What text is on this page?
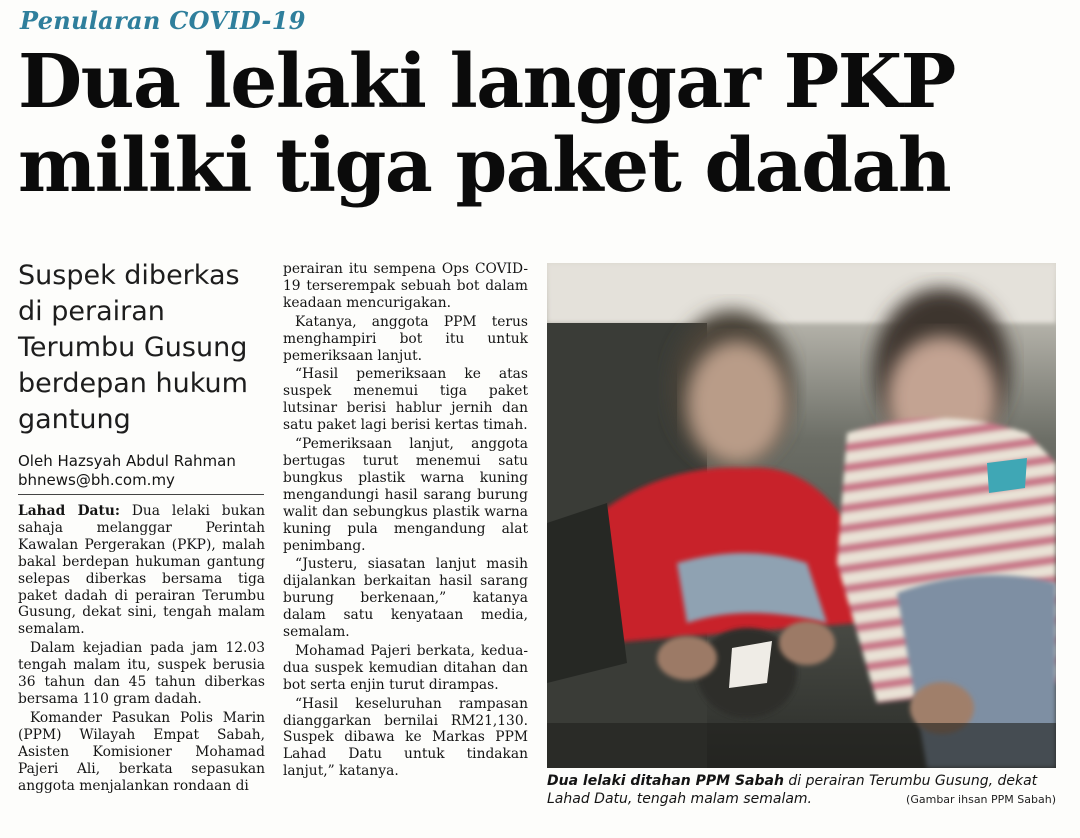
Penularan COVID-19
Dua lelaki langgar PKP
miliki tiga paket dadah

Suspek diberkas di perairan Terumbu Gusung berdepan hukum gantung

Oleh Hazsyah Abdul Rahman
bhnews@bh.com.my

Lahad Datu: Dua lelaki bukan sahaja melanggar Perintah Kawalan Pergerakan (PKP), malah bakal berdepan hukuman gantung selepas diberkas bersama tiga paket dadah di perairan Terumbu Gusung, dekat sini, tengah malam semalam.

Dalam kejadian pada jam 12.03 tengah malam itu, suspek berusia 36 tahun dan 45 tahun diberkas bersama 110 gram dadah.

Komander Pasukan Polis Marin (PPM) Wilayah Empat Sabah, Asisten Komisioner Mohamad Pajeri Ali, berkata sepasukan anggota menjalankan rondaan di

perairan itu sempena Ops COVID-19 terserempak sebuah bot dalam keadaan mencurigakan.

Katanya, anggota PPM terus menghampiri bot itu untuk pemeriksaan lanjut.

“Hasil pemeriksaan ke atas suspek menemui tiga paket lutsinar berisi hablur jernih dan satu paket lagi berisi kertas timah.

“Pemeriksaan lanjut, anggota bertugas turut menemui satu bungkus plastik warna kuning mengandungi hasil sarang burung walit dan sebungkus plastik warna kuning pula mengandung alat penimbang.

“Justeru, siasatan lanjut masih dijalankan berkaitan hasil sarang burung berkenaan,” katanya dalam satu kenyataan media, semalam.

Mohamad Pajeri berkata, kedua-dua suspek kemudian ditahan dan bot serta enjin turut dirampas.

“Hasil keseluruhan rampasan dianggarkan bernilai RM21,130. Suspek dibawa ke Markas PPM Lahad Datu untuk tindakan lanjut,” katanya.

Dua lelaki ditahan PPM Sabah di perairan Terumbu Gusung, dekat Lahad Datu, tengah malam semalam.	(Gambar ihsan PPM Sabah)
